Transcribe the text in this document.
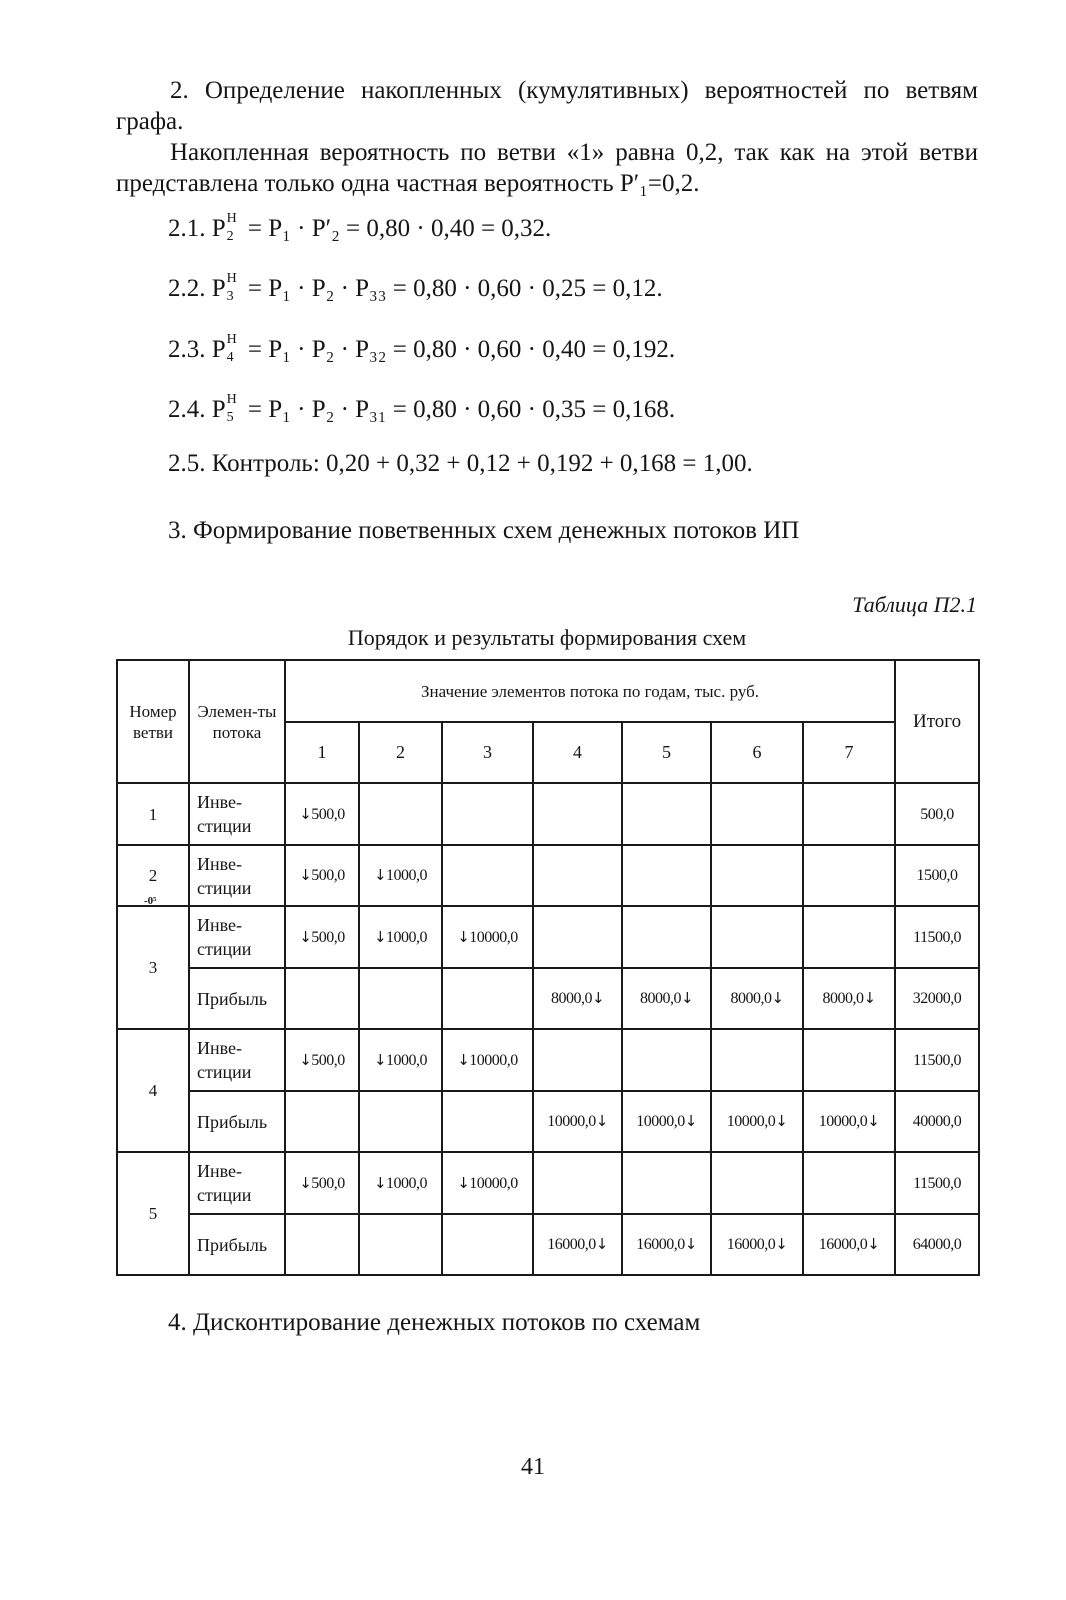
2. Определение накопленных (кумулятивных) вероятностей по ветвям
графа.
Накопленная вероятность по ветви «1» равна 0,2, так как на этой ветви
представлена только одна частная вероятность P′₁=0,2.
2.1. P Н
2 = P₁ · P′₂ = 0,80 · 0,40 = 0,32.
2.2. P Н
3 = P₁ · P₂ · P₃₃ = 0,80 · 0,60 · 0,25 = 0,12.
2.3. P Н
4 = P₁ · P₂ · P₃₂ = 0,80 · 0,60 · 0,40 = 0,192.
2.4. P Н
5 = P₁ · P₂ · P₃₁ = 0,80 · 0,60 · 0,35 = 0,168.
2.5. Контроль: 0,20 + 0,32 + 0,12 + 0,192 + 0,168 = 1,00.
3. Формирование поветвенных схем денежных потоков ИП
Таблица П2.1
Порядок и результаты формирования схем
Номер ветви	Элемен-ты потока	Значение элементов потока по годам, тыс. руб.							Итого
		1	2	3	4	5	6	7	
1	Инве-стиции	↓500,0							500,0
2	Инве-стиции	↓500,0	↓1000,0						1500,0
3	Инве-стиции	↓500,0	↓1000,0	↓10000,0					11500,0
	Прибыль				8000,0↓	8000,0↓	8000,0↓	8000,0↓	32000,0
4	Инве-стиции	↓500,0	↓1000,0	↓10000,0					11500,0
	Прибыль				10000,0↓	10000,0↓	10000,0↓	10000,0↓	40000,0
5	Инве-стиции	↓500,0	↓1000,0	↓10000,0					11500,0
	Прибыль				16000,0↓	16000,0↓	16000,0↓	16000,0↓	64000,0
-0⁵
4. Дисконтирование денежных потоков по схемам
41
